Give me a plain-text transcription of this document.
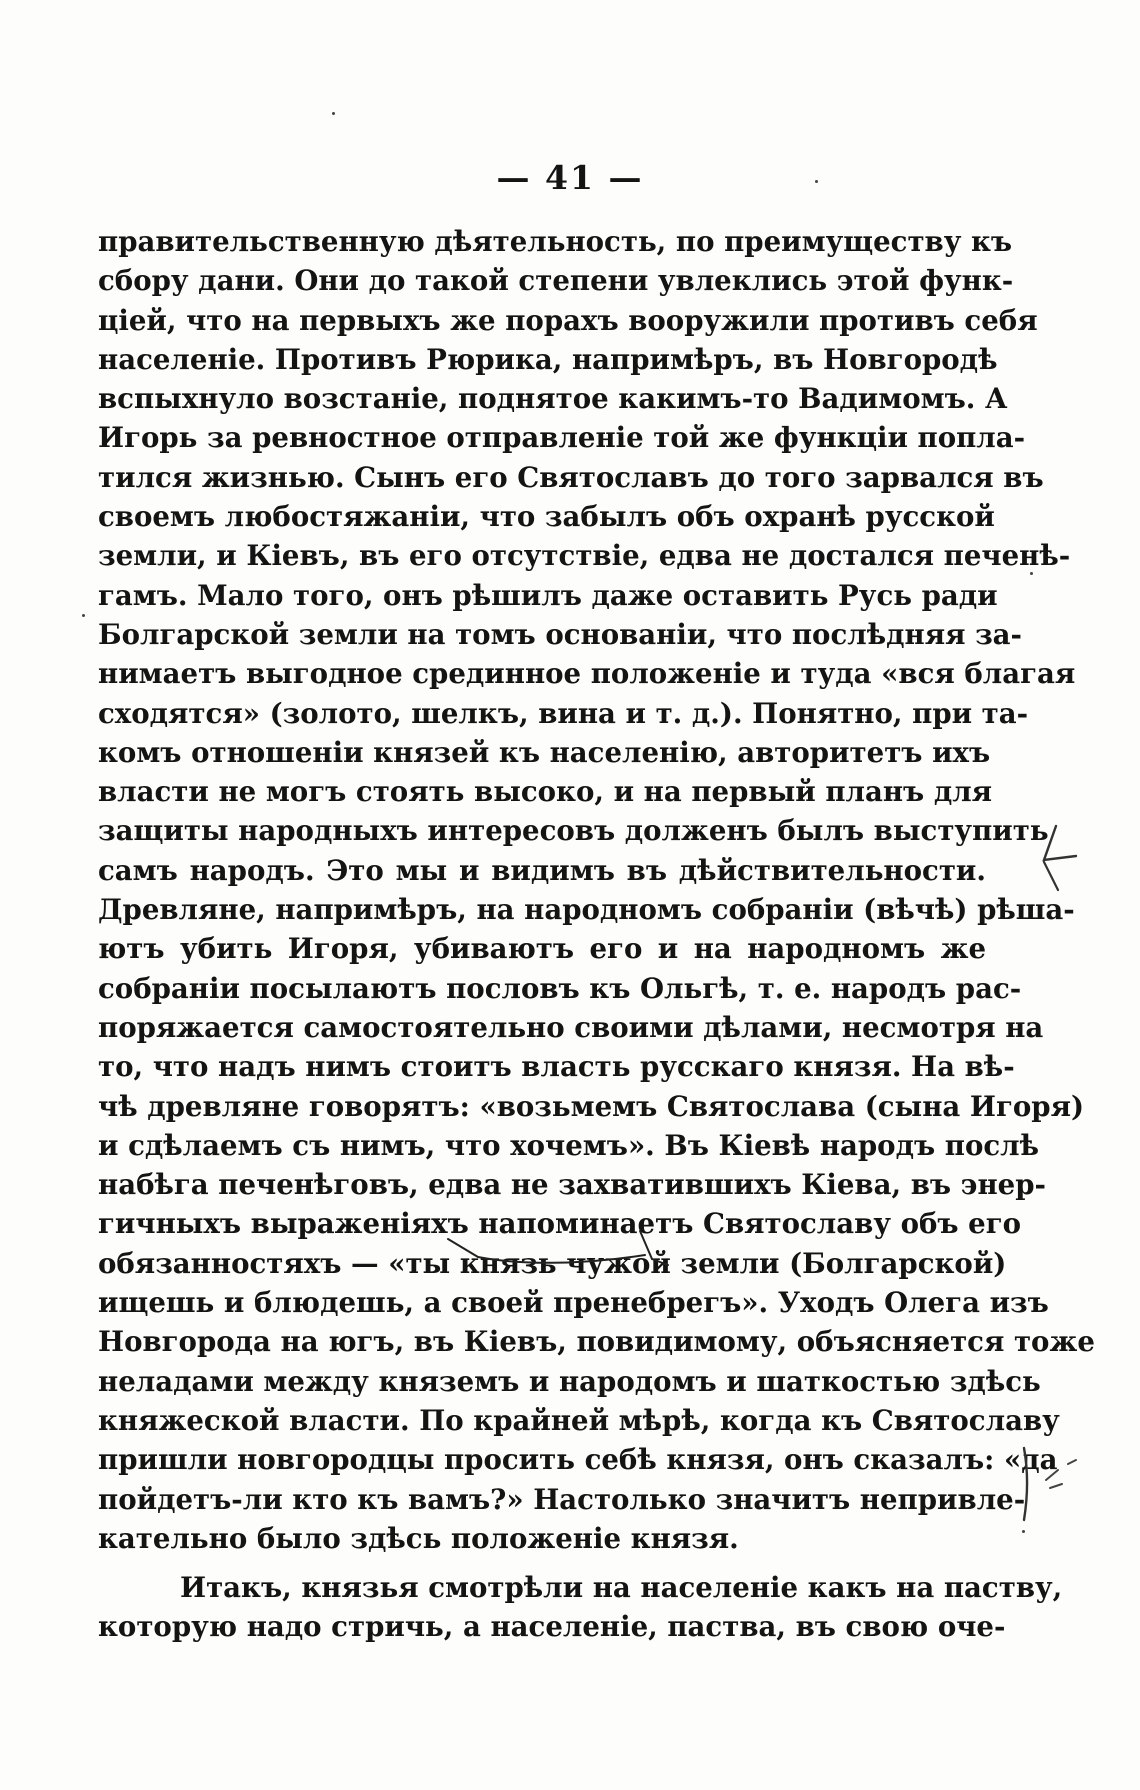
— 41 —
правительственную дѣятельность, по преимуществу къ
сбору дани. Они до такой степени увлеклись этой функ-
ціей, что на первыхъ же порахъ вооружили противъ себя
населеніе. Противъ Рюрика, напримѣръ, въ Новгородѣ
вспыхнуло возстаніе, поднятое какимъ-то Вадимомъ. А
Игорь за ревностное отправленіе той же функціи попла-
тился жизнью. Сынъ его Святославъ до того зарвался въ
своемъ любостяжаніи, что забылъ объ охранѣ русской
земли, и Кіевъ, въ его отсутствіе, едва не достался печенѣ-
гамъ. Мало того, онъ рѣшилъ даже оставить Русь ради
Болгарской земли на томъ основаніи, что послѣдняя за-
нимаетъ выгодное срединное положеніе и туда «вся благая
сходятся» (золото, шелкъ, вина и т. д.). Понятно, при та-
комъ отношеніи князей къ населенію, авторитетъ ихъ
власти не могъ стоять высоко, и на первый планъ для
защиты народныхъ интересовъ долженъ былъ выступить
самъ народъ. Это мы и видимъ въ дѣйствительности.
Древляне, напримѣръ, на народномъ собраніи (вѣчѣ) рѣша-
ютъ убить Игоря, убиваютъ его и на народномъ же
собраніи посылаютъ пословъ къ Ольгѣ, т. е. народъ рас-
поряжается самостоятельно своими дѣлами, несмотря на
то, что надъ нимъ стоитъ власть русскаго князя. На вѣ-
чѣ древляне говорятъ: «возьмемъ Святослава (сына Игоря)
и сдѣлаемъ съ нимъ, что хочемъ». Въ Кіевѣ народъ послѣ
набѣга печенѣговъ, едва не захватившихъ Кіева, въ энер-
гичныхъ выраженіяхъ напоминаетъ Святославу объ его
обязанностяхъ — «ты князь чужой земли (Болгарской)
ищешь и блюдешь, а своей пренебрегъ». Уходъ Олега изъ
Новгорода на югъ, въ Кіевъ, повидимому, объясняется тоже
неладами между княземъ и народомъ и шаткостью здѣсь
княжеской власти. По крайней мѣрѣ, когда къ Святославу
пришли новгородцы просить себѣ князя, онъ сказалъ: «да
пойдетъ-ли кто къ вамъ?» Настолько значитъ непривле-
кательно было здѣсь положеніе князя.
Итакъ, князья смотрѣли на населеніе какъ на паству,
которую надо стричь, а населеніе, паства, въ свою оче-
